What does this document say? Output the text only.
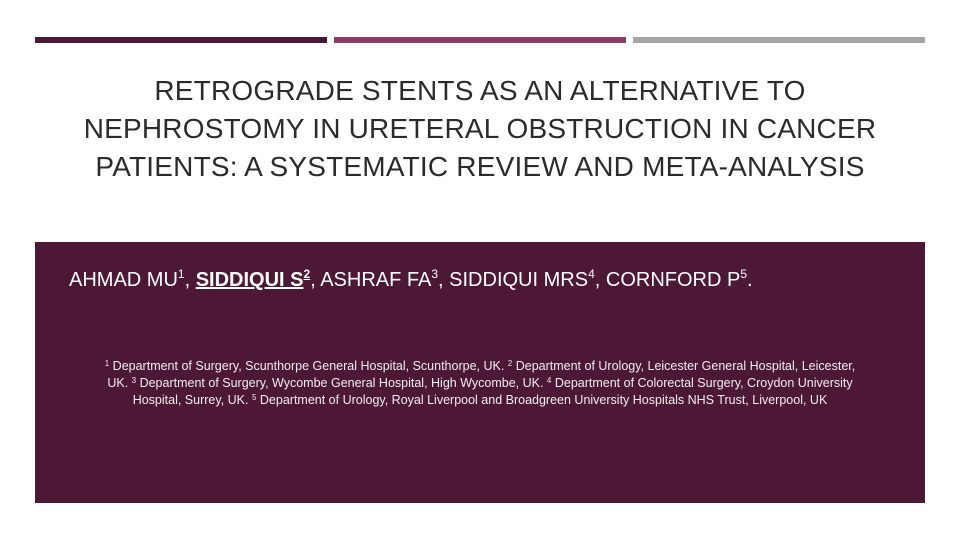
RETROGRADE STENTS AS AN ALTERNATIVE TO NEPHROSTOMY IN URETERAL OBSTRUCTION IN CANCER PATIENTS: A SYSTEMATIC REVIEW AND META-ANALYSIS

AHMAD $MU^1$, SIDDIQUI $S^2$, ASHRAF $FA^3$, SIDDIQUI MRS$^4$, CORNFORD $P^5$.

$^1$ Department of Surgery, Scunthorpe General Hospital, Scunthorpe, UK. $^2$ Department of Urology, Leicester General Hospital, Leicester, UK. $^3$ Department of Surgery, Wycombe General Hospital, High Wycombe, UK. $^4$ Department of Colorectal Surgery, Croydon University Hospital, Surrey, UK. $^5$ Department of Urology, Royal Liverpool and Broadgreen University Hospitals NHS Trust, Liverpool, UK
